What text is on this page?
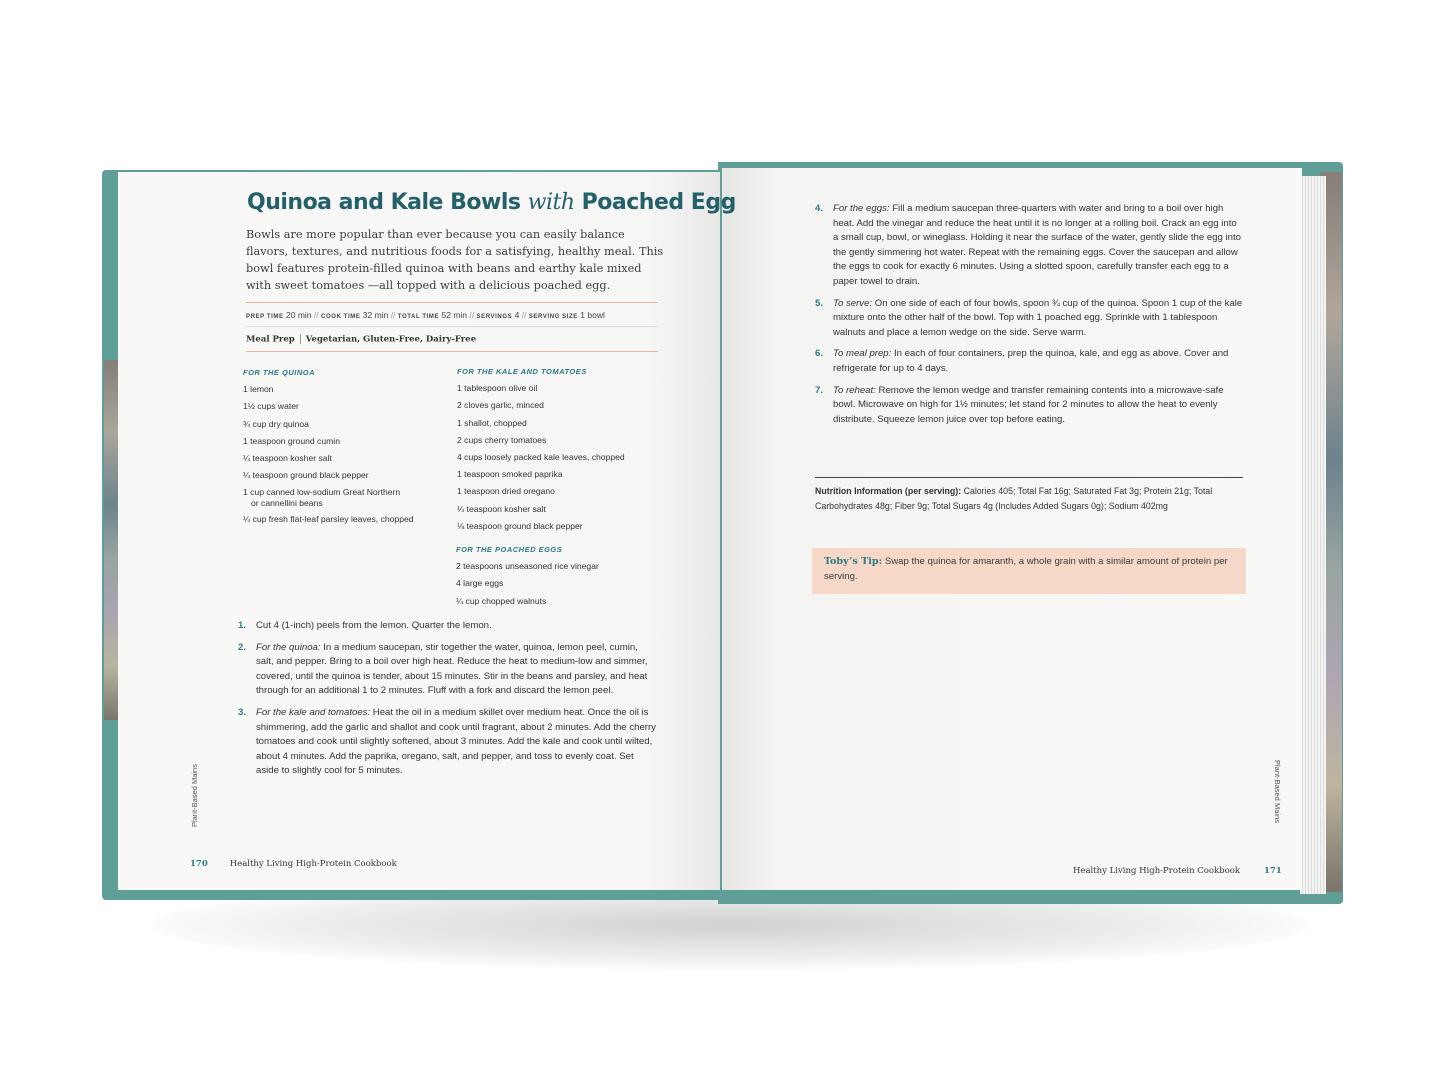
Quinoa and Kale Bowls with Poached Egg
Bowls are more popular than ever because you can easily balance flavors, textures, and nutritious foods for a satisfying, healthy meal. This bowl features protein-filled quinoa with beans and earthy kale mixed with sweet tomatoes —all topped with a delicious poached egg.
PREP TIME 20 min // COOK TIME 32 min // TOTAL TIME 52 min // SERVINGS 4 // SERVING SIZE 1 bowl
Meal Prep Vegetarian, Gluten-Free, Dairy-Free
FOR THE QUINOA
1 lemon
1½ cups water
¾ cup dry quinoa
1 teaspoon ground cumin
¼ teaspoon kosher salt
¼ teaspoon ground black pepper
1 cup canned low-sodium Great Northern
or cannellini beans
¼ cup fresh flat-leaf parsley leaves, chopped
FOR THE KALE AND TOMATOES
1 tablespoon olive oil
2 cloves garlic, minced
1 shallot, chopped
2 cups cherry tomatoes
4 cups loosely packed kale leaves, chopped
1 teaspoon smoked paprika
1 teaspoon dried oregano
¼ teaspoon kosher salt
⅛ teaspoon ground black pepper
FOR THE POACHED EGGS
2 teaspoons unseasoned rice vinegar
4 large eggs
¼ cup chopped walnuts
1. Cut 4 (1-inch) peels from the lemon. Quarter the lemon.
2. For the quinoa: In a medium saucepan, stir together the water, quinoa, lemon peel, cumin, salt, and pepper. Bring to a boil over high heat. Reduce the heat to medium-low and simmer, covered, until the quinoa is tender, about 15 minutes. Stir in the beans and parsley, and heat through for an additional 1 to 2 minutes. Fluff with a fork and discard the lemon peel.
3. For the kale and tomatoes: Heat the oil in a medium skillet over medium heat. Once the oil is shimmering, add the garlic and shallot and cook until fragrant, about 2 minutes. Add the cherry tomatoes and cook until slightly softened, about 3 minutes. Add the kale and cook until wilted, about 4 minutes. Add the paprika, oregano, salt, and pepper, and toss to evenly coat. Set aside to slightly cool for 5 minutes.
Plant-Based Mains
170	Healthy Living High-Protein Cookbook
4. For the eggs: Fill a medium saucepan three-quarters with water and bring to a boil over high heat. Add the vinegar and reduce the heat until it is no longer at a rolling boil. Crack an egg into a small cup, bowl, or wineglass. Holding it near the surface of the water, gently slide the egg into the gently simmering hot water. Repeat with the remaining eggs. Cover the saucepan and allow the eggs to cook for exactly 6 minutes. Using a slotted spoon, carefully transfer each egg to a paper towel to drain.
5. To serve: On one side of each of four bowls, spoon ¾ cup of the quinoa. Spoon 1 cup of the kale mixture onto the other half of the bowl. Top with 1 poached egg. Sprinkle with 1 tablespoon walnuts and place a lemon wedge on the side. Serve warm.
6. To meal prep: In each of four containers, prep the quinoa, kale, and egg as above. Cover and refrigerate for up to 4 days.
7. To reheat: Remove the lemon wedge and transfer remaining contents into a microwave-safe bowl. Microwave on high for 1½ minutes; let stand for 2 minutes to allow the heat to evenly distribute. Squeeze lemon juice over top before eating.
Nutrition Information (per serving): Calories 405; Total Fat 16g; Saturated Fat 3g; Protein 21g; Total Carbohydrates 48g; Fiber 9g; Total Sugars 4g (Includes Added Sugars 0g); Sodium 402mg
Toby’s Tip: Swap the quinoa for amaranth, a whole grain with a similar amount of protein per serving.
Plant-Based Mains
Healthy Living High-Protein Cookbook	171
